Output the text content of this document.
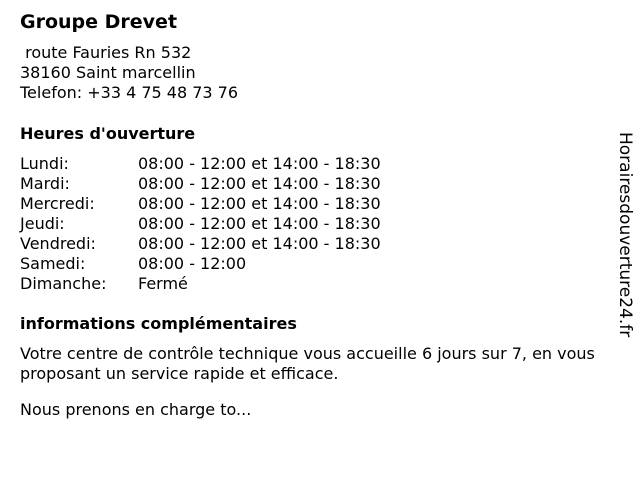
Groupe Drevet
route Fauries Rn 532
38160 Saint marcellin
Telefon: +33 4 75 48 73 76
Heures d'ouverture
Lundi:	08:00 - 12:00 et 14:00 - 18:30
Mardi:	08:00 - 12:00 et 14:00 - 18:30
Mercredi:	08:00 - 12:00 et 14:00 - 18:30
Jeudi:	08:00 - 12:00 et 14:00 - 18:30
Vendredi:	08:00 - 12:00 et 14:00 - 18:30
Samedi:	08:00 - 12:00
Dimanche:	Fermé
informations complémentaires

Votre centre de contrôle technique vous accueille 6 jours sur 7, en vous proposant un service rapide et efficace.

Nous prenons en charge to...

Horairesdouverture24.fr
